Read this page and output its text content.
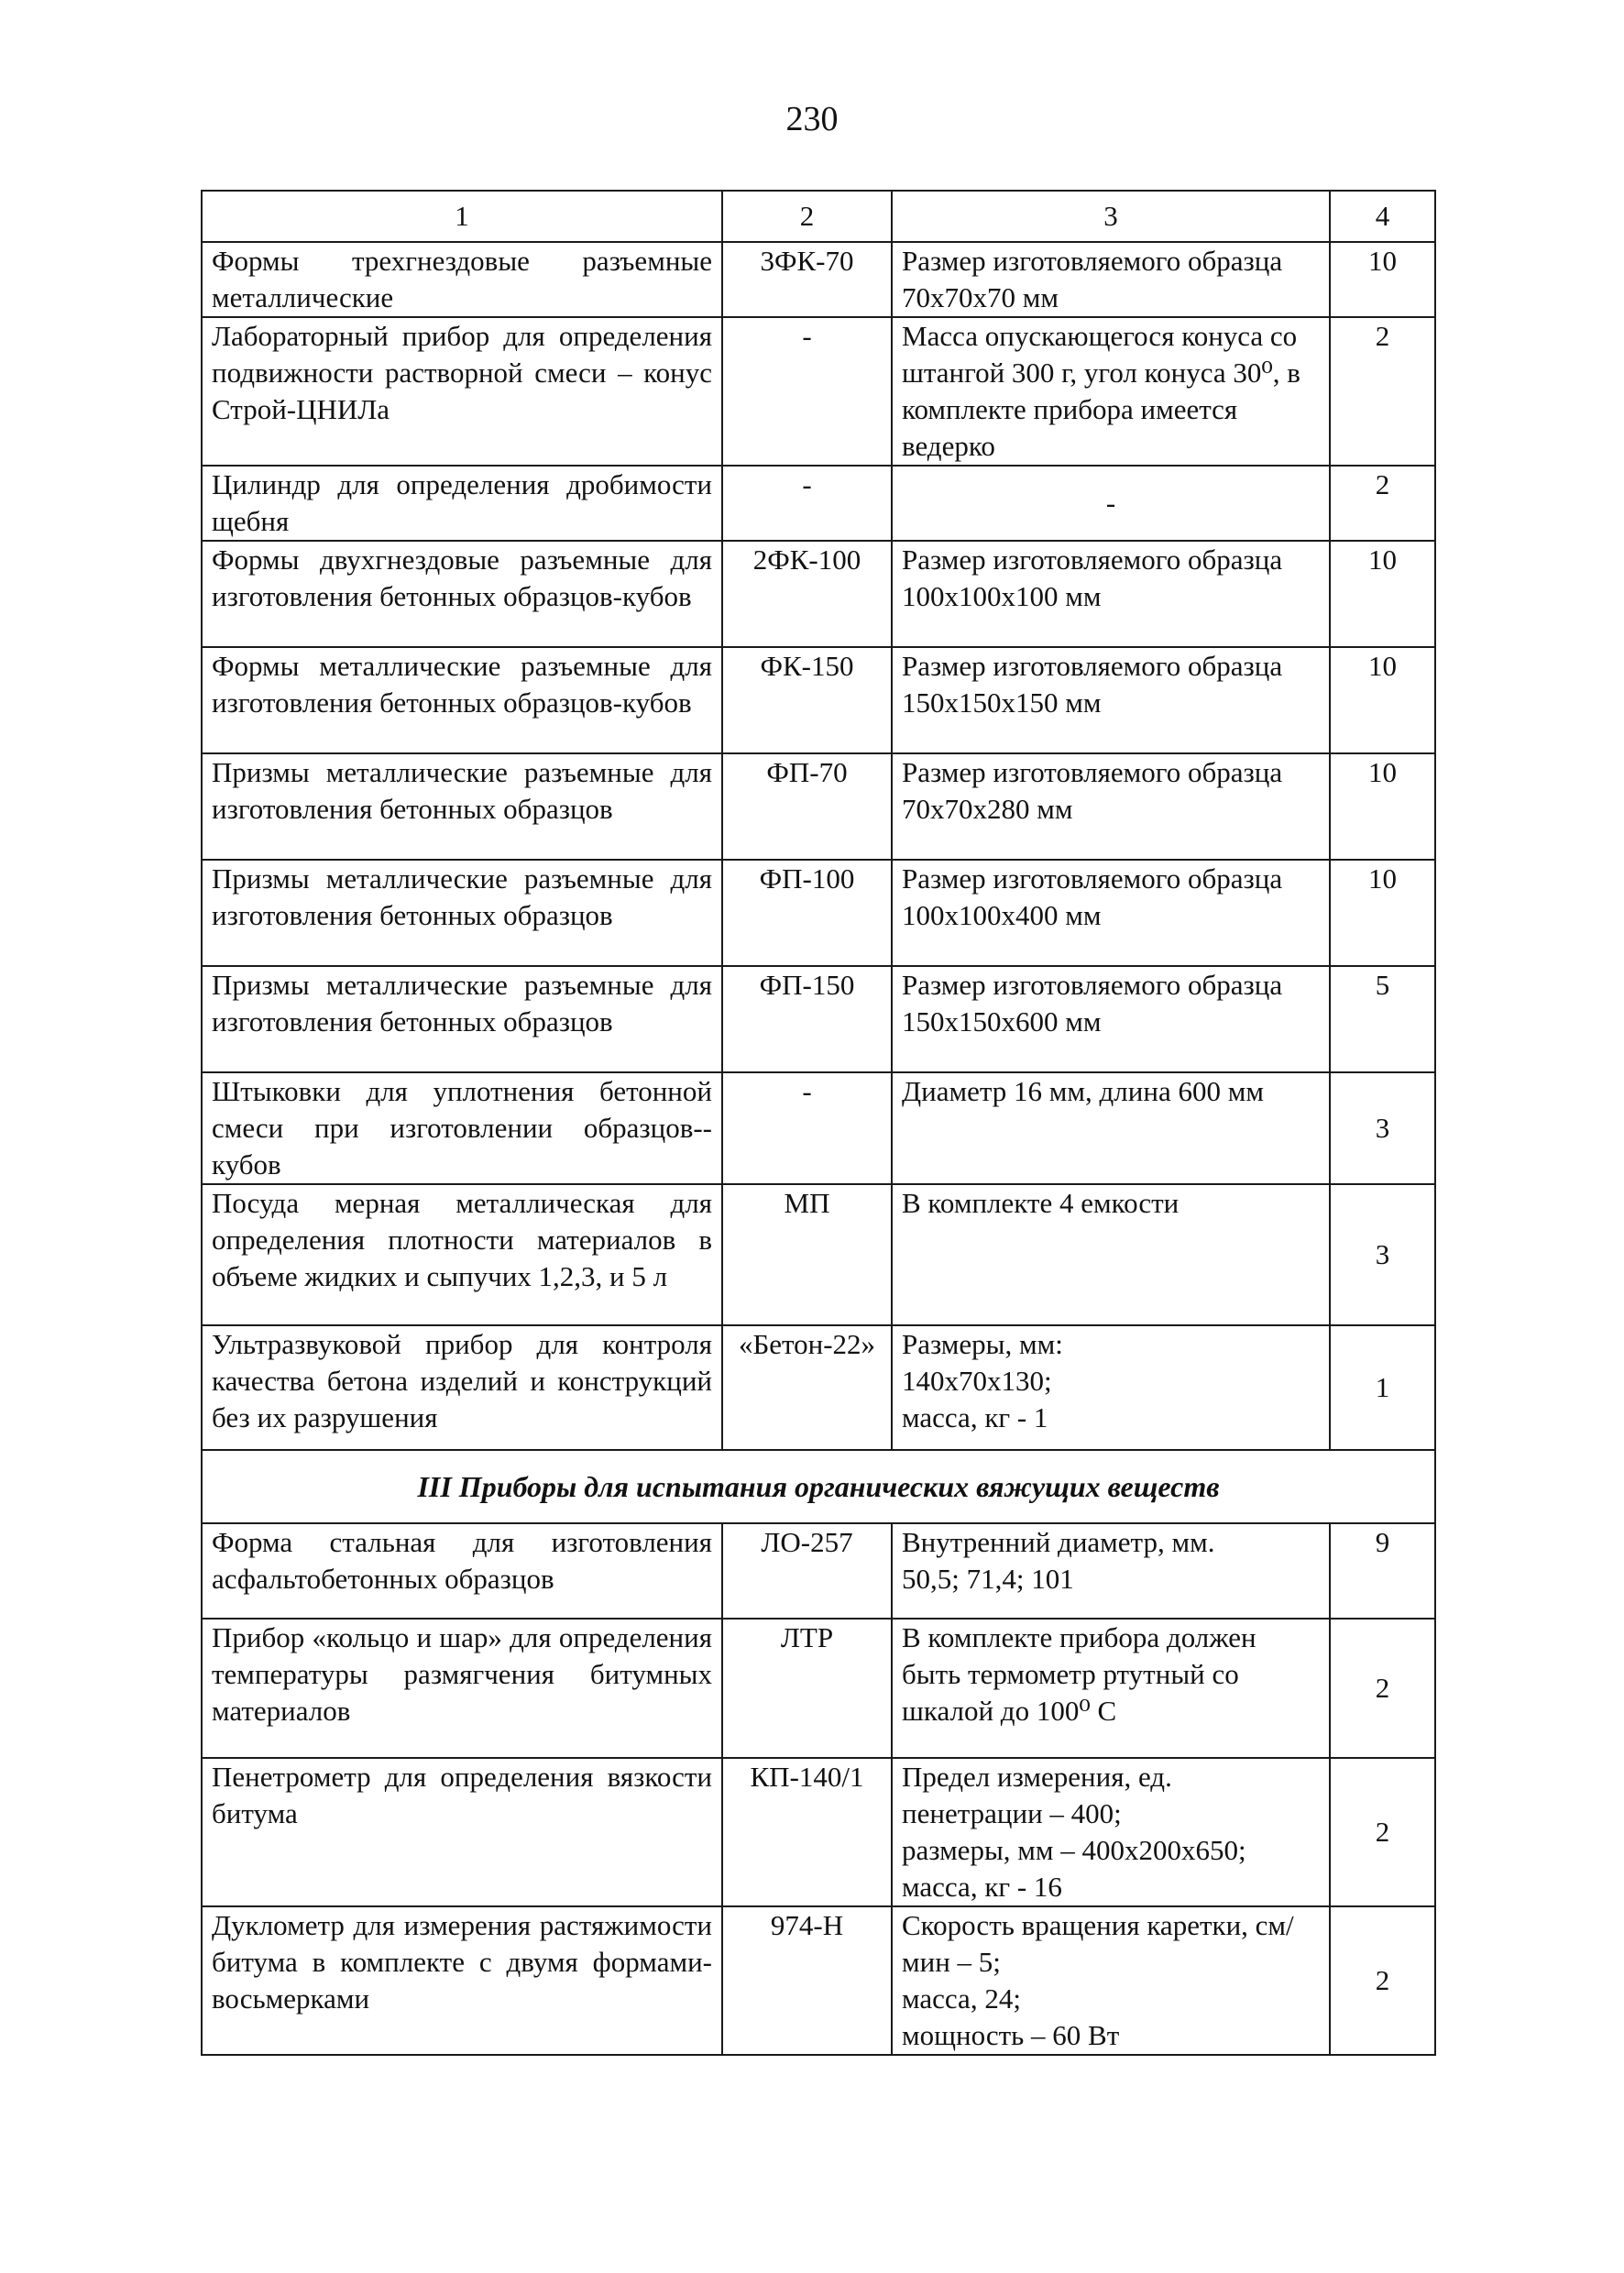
230
1	2	3	4
Формы трехгнездовые разъемные металлические	3ФК-70	Размер изготовляемого образца 70х70х70 мм	10
Лабораторный прибор для определения подвижности растворной смеси – конус Строй-ЦНИЛа	-	Масса опускающегося конуса со штангой 300 г, угол конуса 30⁰, в комплекте прибора имеется ведерко	2
Цилиндр для определения дробимости щебня	-	-	2
Формы двухгнездовые разъемные для изготовления бетонных образцов-кубов	2ФК-100	Размер изготовляемого образца 100х100х100 мм	10
Формы металлические разъемные для изготовления бетонных образцов-кубов	ФК-150	Размер изготовляемого образца 150х150х150 мм	10
Призмы металлические разъемные для изготовления бетонных образцов	ФП-70	Размер изготовляемого образца 70х70х280 мм	10
Призмы металлические разъемные для изготовления бетонных образцов	ФП-100	Размер изготовляемого образца 100х100х400 мм	10
Призмы металлические разъемные для изготовления бетонных образцов	ФП-150	Размер изготовляемого образца 150х150х600 мм	5
Штыковки для уплотнения бетонной смеси при изготовлении образцов-- кубов	-	Диаметр 16 мм, длина 600 мм	3
Посуда мерная металлическая для определения плотности материалов в объеме жидких и сыпучих 1,2,3, и 5 л	МП	В комплекте 4 емкости	3
Ультразвуковой прибор для контроля качества бетона изделий и конструкций без их разрушения	«Бетон-22»	Размеры, мм:
140х70х130;
масса, кг - 1	1
III Приборы для испытания органических вяжущих веществ			
Форма стальная для изготовления асфальтобетонных образцов	ЛО-257	Внутренний диаметр, мм.
50,5; 71,4; 101	9
Прибор «кольцо и шар» для определения температуры размягчения битумных материалов	ЛТР	В комплекте прибора должен быть термометр ртутный со шкалой до 100⁰ С	2
Пенетрометр для определения вязкости битума	КП-140/1	Предел измерения, ед. пенетрации – 400;
размеры, мм – 400х200х650;
масса, кг - 16	2
Дуклометр для измерения растяжимости битума в комплекте с двумя формами-восьмерками	974-Н	Скорость вращения каретки, см/мин – 5;
масса, 24;
мощность – 60 Вт	2
